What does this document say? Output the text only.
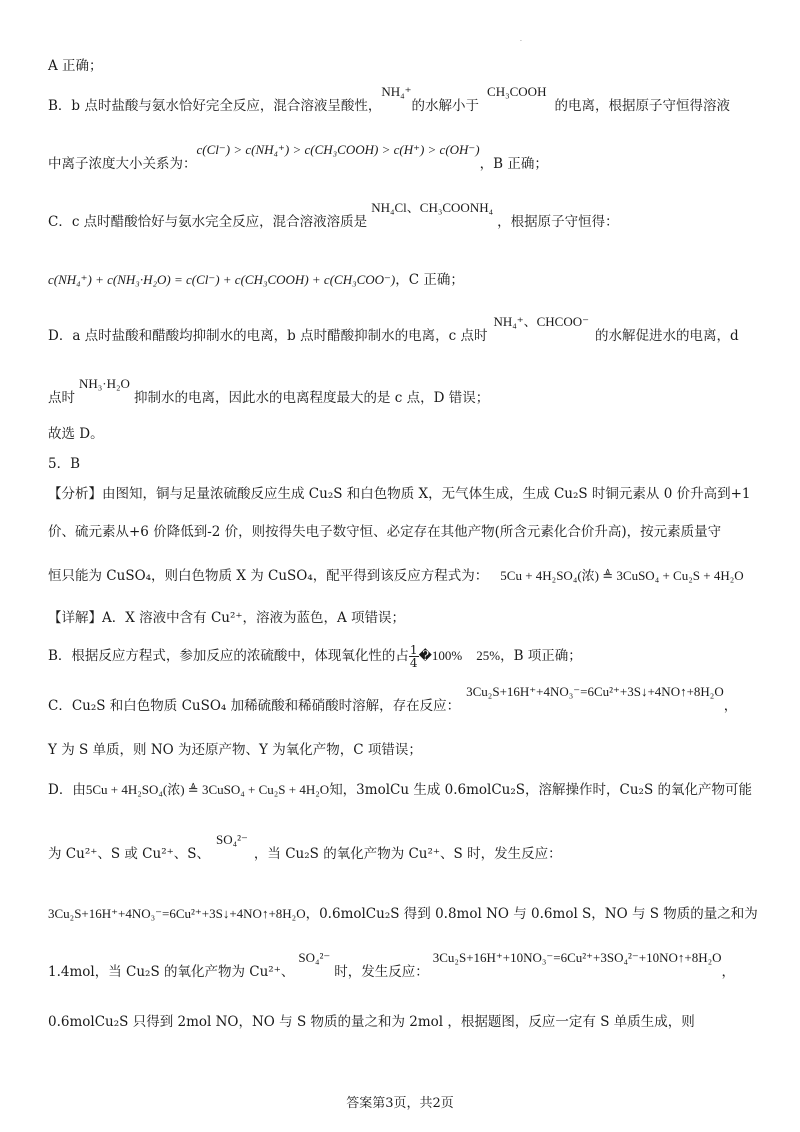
.
A 正确；
B．b 点时盐酸与氨水恰好完全反应，混合溶液呈酸性，NH₄⁺的水解小于CH₃COOH的电离，根据原子守恒得溶液
中离子浓度大小关系为：c(Cl⁻) > c(NH₄⁺) > c(CH₃COOH) > c(H⁺) > c(OH⁻)，B 正确；
C．c 点时醋酸恰好与氨水完全反应，混合溶液溶质是NH₄Cl、CH₃COONH₄，根据原子守恒得：
c(NH₄⁺) + c(NH₃·H₂O) = c(Cl⁻) + c(CH₃COOH) + c(CH₃COO⁻)，C 正确；
D．a 点时盐酸和醋酸均抑制水的电离，b 点时醋酸抑制水的电离，c 点时NH₄⁺、CHCOO⁻的水解促进水的电离，d
点时NH₃·H₂O抑制水的电离，因此水的电离程度最大的是 c 点，D 错误；
故选 D。
5．B
【分析】由图知，铜与足量浓硫酸反应生成 Cu₂S 和白色物质 X，无气体生成，生成 Cu₂S 时铜元素从 0 价升高到+1
价、硫元素从+6 价降低到-2 价，则按得失电子数守恒、必定存在其他产物(所含元素化合价升高)，按元素质量守
恒只能为 CuSO₄，则白色物质 X 为 CuSO₄，配平得到该反应方程式为： 5Cu + 4H₂SO₄(浓) ≜ 3CuSO₄ + Cu₂S + 4H₂O
【详解】A．X 溶液中含有 Cu²⁺，溶液为蓝色，A 项错误；
B．根据反应方程式，参加反应的浓硫酸中，体现氧化性的占 $\frac{1}{4}$ �100% 25%，B 项正确；
C．Cu₂S 和白色物质 CuSO₄ 加稀硫酸和稀硝酸时溶解，存在反应：3Cu₂S+16H⁺+4NO₃⁻=6Cu²⁺+3S↓+4NO↑+8H₂O，
Y 为 S 单质，则 NO 为还原产物、Y 为氧化产物，C 项错误；
D．由5Cu + 4H₂SO₄(浓) ≜ 3CuSO₄ + Cu₂S + 4H₂O知，3molCu 生成 0.6molCu₂S，溶解操作时，Cu₂S 的氧化产物可能
为 Cu²⁺、S 或 Cu²⁺、S、SO₄²⁻，当 Cu₂S 的氧化产物为 Cu²⁺、S 时，发生反应：
3Cu₂S+16H⁺+4NO₃⁻=6Cu²⁺+3S↓+4NO↑+8H₂O，0.6molCu₂S 得到 0.8mol NO 与 0.6mol S，NO 与 S 物质的量之和为
1.4mol，当 Cu₂S 的氧化产物为 Cu²⁺、SO₄²⁻时，发生反应：3Cu₂S+16H⁺+10NO₃⁻=6Cu²⁺+3SO₄²⁻+10NO↑+8H₂O，
0.6molCu₂S 只得到 2mol NO，NO 与 S 物质的量之和为 2mol ，根据题图，反应一定有 S 单质生成，则
答案第3页，共2页
